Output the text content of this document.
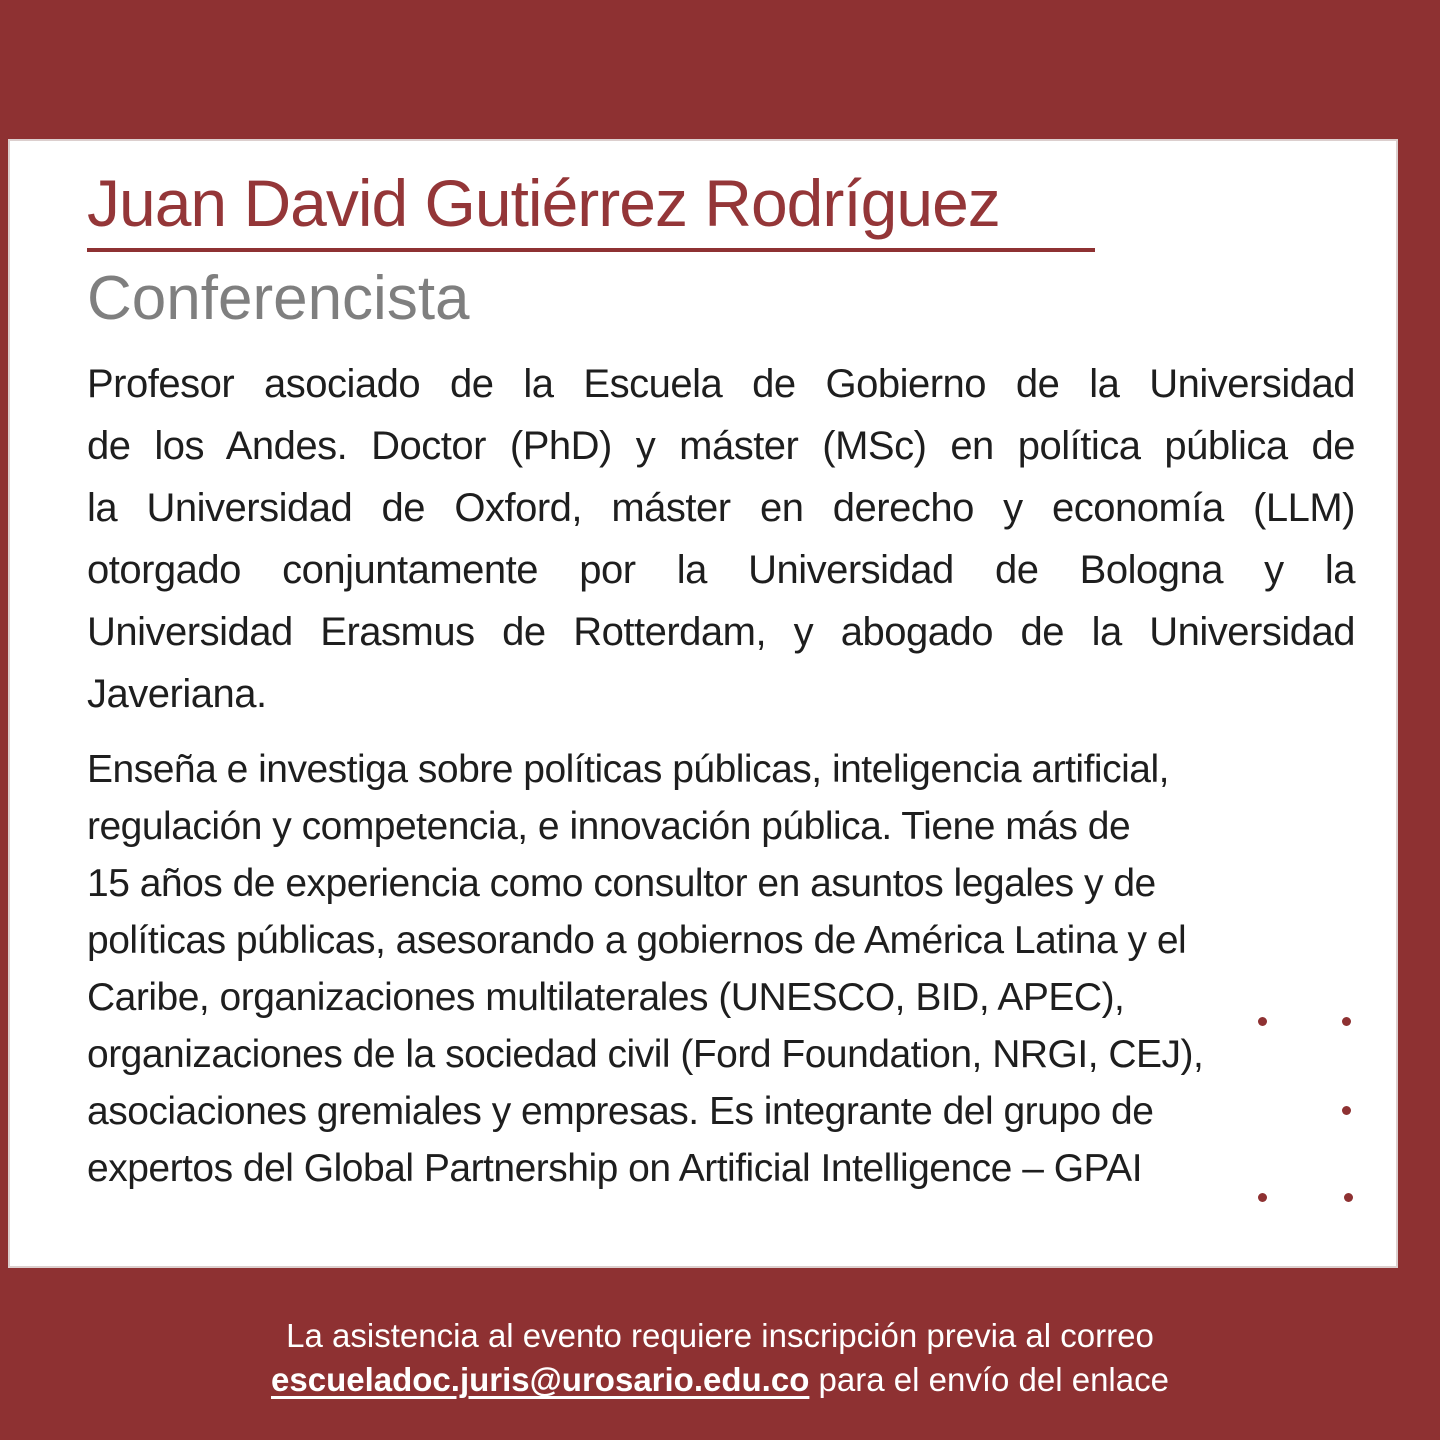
Juan David Gutiérrez Rodríguez
Conferencista
Profesor asociado de la Escuela de Gobierno de la Universidad
de los Andes. Doctor (PhD) y máster (MSc) en política pública de
la Universidad de Oxford, máster en derecho y economía (LLM)
otorgado conjuntamente por la Universidad de Bologna y la
Universidad Erasmus de Rotterdam, y abogado de la Universidad
Javeriana.
Enseña e investiga sobre políticas públicas, inteligencia artificial,
regulación y competencia, e innovación pública. Tiene más de
15 años de experiencia como consultor en asuntos legales y de
políticas públicas, asesorando a gobiernos de América Latina y el
Caribe, organizaciones multilaterales (UNESCO, BID, APEC),
organizaciones de la sociedad civil (Ford Foundation, NRGI, CEJ),
asociaciones gremiales y empresas. Es integrante del grupo de
expertos del Global Partnership on Artificial Intelligence – GPAI
La asistencia al evento requiere inscripción previa al correo
escueladoc.juris@urosario.edu.co para el envío del enlace
